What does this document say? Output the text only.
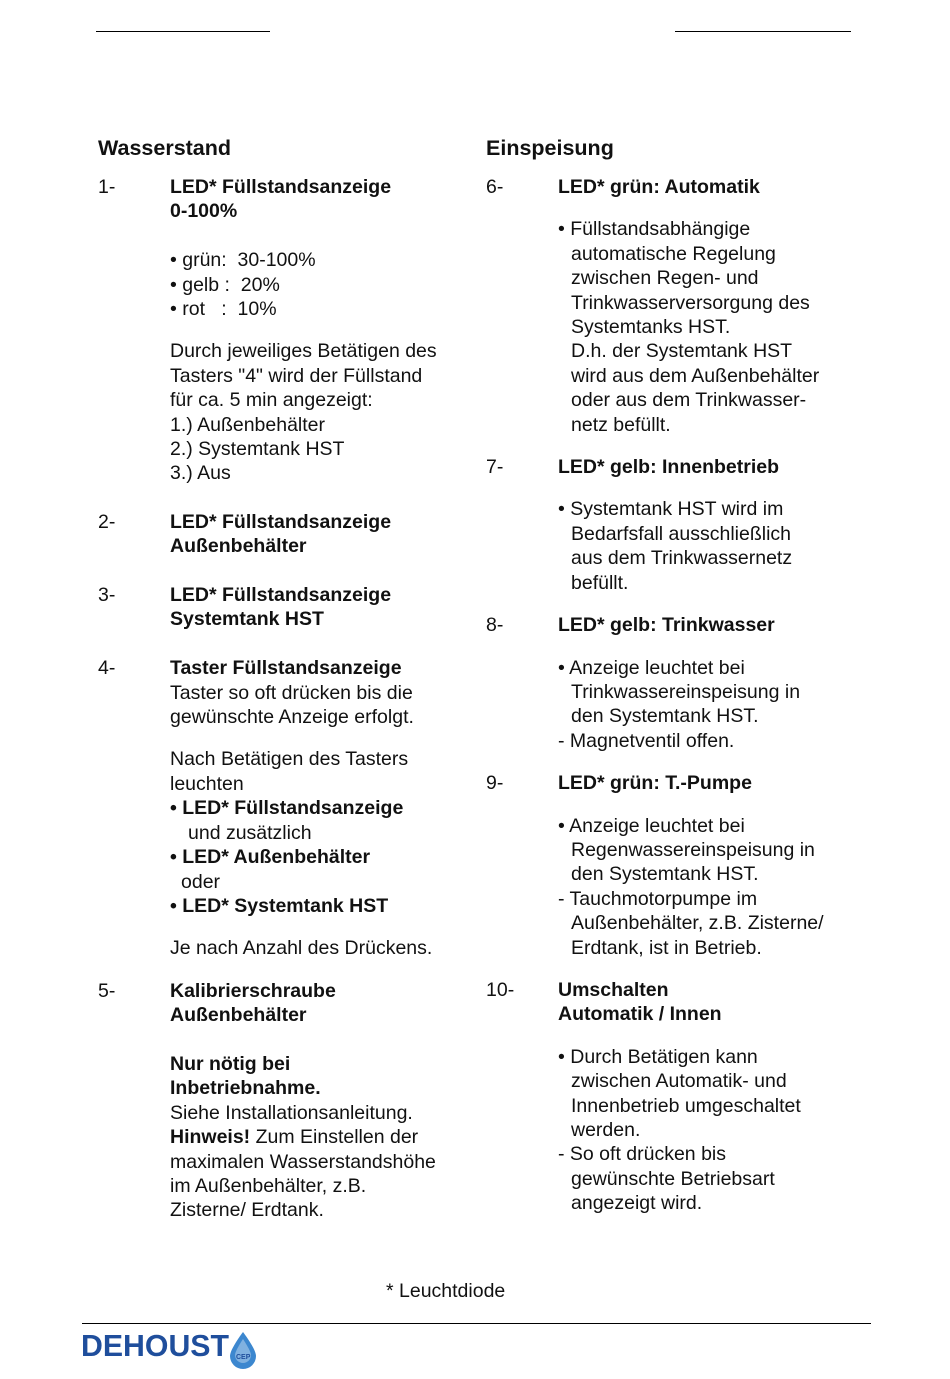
Wasserstand
1-	LED* Füllstandsanzeige
0-100%
• grün:  30-100%
• gelb :  20%
• rot   :  10%
Durch jeweiliges Betätigen des
Tasters "4" wird der Füllstand
für ca. 5 min angezeigt:
1.) Außenbehälter
2.) Systemtank HST
3.) Aus
2-	LED* Füllstandsanzeige
Außenbehälter
3-	LED* Füllstandsanzeige
Systemtank HST
4-	Taster Füllstandsanzeige
Taster so oft drücken bis die
gewünschte Anzeige erfolgt.
Nach Betätigen des Tasters
leuchten
• LED* Füllstandsanzeige
und zusätzlich
• LED* Außenbehälter
oder
• LED* Systemtank HST
Je nach Anzahl des Drückens.
5-	Kalibrierschraube
Außenbehälter
Nur nötig bei
Inbetriebnahme.
Siehe Installationsanleitung.
Hinweis! Zum Einstellen der
maximalen Wasserstandshöhe
im Außenbehälter, z.B.
Zisterne/ Erdtank.
Einspeisung
6-	LED* grün: Automatik
• Füllstandsabhängige
automatische Regelung
zwischen Regen- und
Trinkwasserversorgung des
Systemtanks HST.
D.h. der Systemtank HST
wird aus dem Außenbehälter
oder aus dem Trinkwasser-
netz befüllt.
7-	LED* gelb: Innenbetrieb
• Systemtank HST wird im
Bedarfsfall ausschließlich
aus dem Trinkwassernetz
befüllt.
8-	LED* gelb: Trinkwasser
• Anzeige leuchtet bei
Trinkwassereinspeisung in
den Systemtank HST.
- Magnetventil offen.
9-	LED* grün: T.-Pumpe
• Anzeige leuchtet bei
Regenwassereinspeisung in
den Systemtank HST.
- Tauchmotorpumpe im
Außenbehälter, z.B. Zisterne/
Erdtank, ist in Betrieb.
10- Umschalten
Automatik / Innen
• Durch Betätigen kann
zwischen Automatik- und
Innenbetrieb umgeschaltet
werden.
- So oft drücken bis
gewünschte Betriebsart
angezeigt wird.
* Leuchtdiode
DEHOUST CEP
